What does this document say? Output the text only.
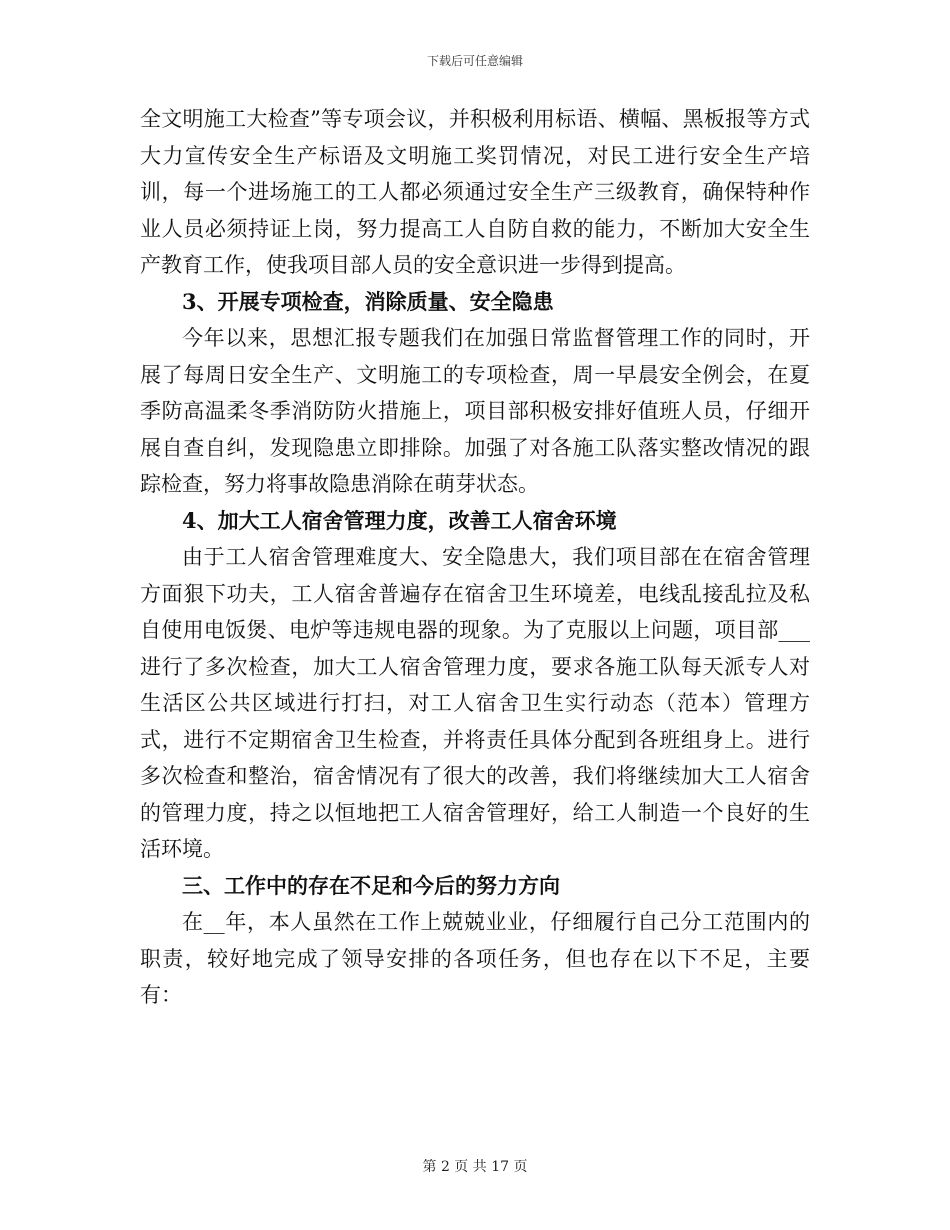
下载后可任意编辑

全文明施工大检查”等专项会议，并积极利用标语、横幅、黑板报等方式大力宣传安全生产标语及文明施工奖罚情况，对民工进行安全生产培训，每一个进场施工的工人都必须通过安全生产三级教育，确保特种作业人员必须持证上岗，努力提高工人自防自救的能力，不断加大安全生产教育工作，使我项目部人员的安全意识进一步得到提高。

3、开展专项检查，消除质量、安全隐患

今年以来，思想汇报专题我们在加强日常监督管理工作的同时，开展了每周日安全生产、文明施工的专项检查，周一早晨安全例会，在夏季防高温柔冬季消防防火措施上，项目部积极安排好值班人员，仔细开展自查自纠，发现隐患立即排除。加强了对各施工队落实整改情况的跟踪检查，努力将事故隐患消除在萌芽状态。

4、加大工人宿舍管理力度，改善工人宿舍环境

由于工人宿舍管理难度大、安全隐患大，我们项目部在在宿舍管理方面狠下功夫，工人宿舍普遍存在宿舍卫生环境差，电线乱接乱拉及私自使用电饭煲、电炉等违规电器的现象。为了克服以上问题，项目部___进行了多次检查，加大工人宿舍管理力度，要求各施工队每天派专人对生活区公共区域进行打扫，对工人宿舍卫生实行动态（范本）管理方式，进行不定期宿舍卫生检查，并将责任具体分配到各班组身上。进行多次检查和整治，宿舍情况有了很大的改善，我们将继续加大工人宿舍的管理力度，持之以恒地把工人宿舍管理好，给工人制造一个良好的生活环境。

三、工作中的存在不足和今后的努力方向

在__年，本人虽然在工作上兢兢业业，仔细履行自己分工范围内的职责，较好地完成了领导安排的各项任务，但也存在以下不足，主要有：

第 2 页 共 17 页
